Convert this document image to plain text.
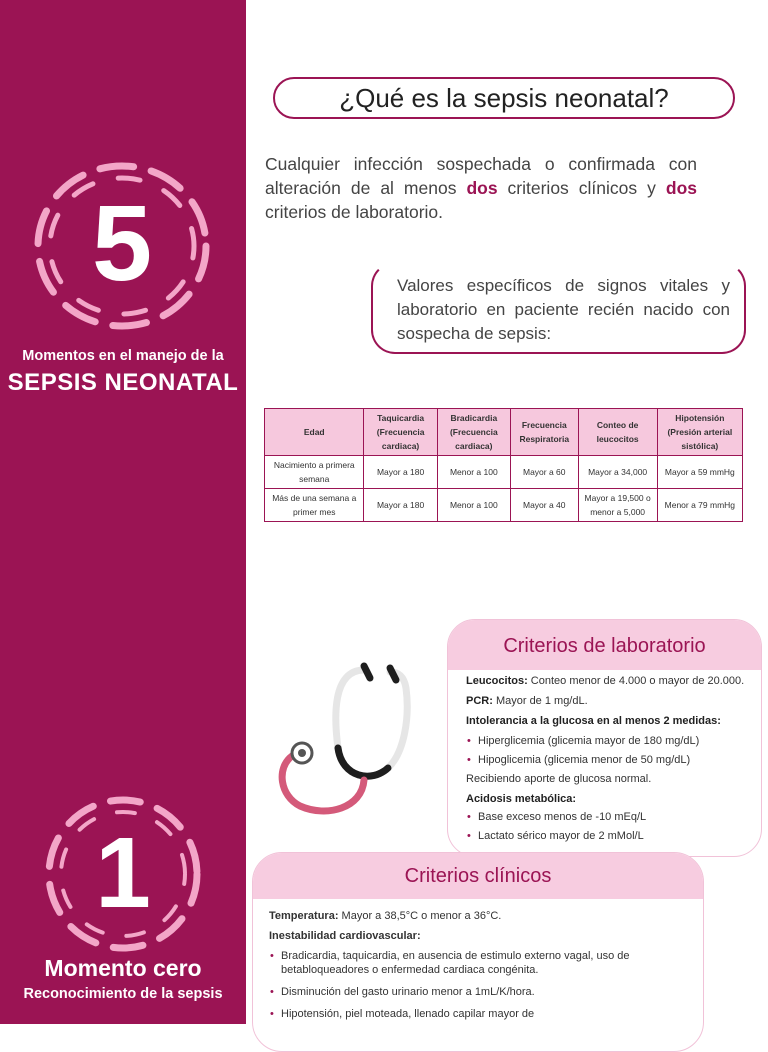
5
Momentos en el manejo de la
SEPSIS NEONATAL
1
Momento cero
Reconocimiento de la sepsis
¿Qué es la sepsis neonatal?
Cualquier infección sospechada o confirmada con alteración de al menos dos criterios clínicos y dos criterios de laboratorio.
Valores específicos de signos vitales y laboratorio en paciente recién nacido con sospecha de sepsis:
Edad	Taquicardia (Frecuencia cardiaca)	Bradicardia (Frecuencia cardiaca)	Frecuencia Respiratoria	Conteo de leucocitos	Hipotensión (Presión arterial sistólica)
Nacimiento a primera semana	Mayor a 180	Menor a 100	Mayor a 60	Mayor a 34,000	Mayor a 59 mmHg
Más de una semana a primer mes	Mayor a 180	Menor a 100	Mayor a 40	Mayor a 19,500 o menor a 5,000	Menor a 79 mmHg
Criterios de laboratorio

Leucocitos: Conteo menor de 4.000 o mayor de 20.000.

PCR: Mayor de 1 mg/dL.

Intolerancia a la glucosa en al menos 2 medidas:

• Hiperglicemia (glicemia mayor de 180 mg/dL)
• Hipoglicemia (glicemia menor de 50 mg/dL)

Recibiendo aporte de glucosa normal.

Acidosis metabólica:

• Base exceso menos de -10 mEq/L
• Lactato sérico mayor de 2 mMol/L
Criterios clínicos

Temperatura: Mayor a 38,5°C o menor a 36°C.

Inestabilidad cardiovascular:

• Bradicardia, taquicardia, en ausencia de estimulo externo vagal, uso de betabloqueadores o enfermedad cardiaca congénita.
• Disminución del gasto urinario menor a 1mL/K/hora.
• Hipotensión, piel moteada, llenado capilar mayor de
